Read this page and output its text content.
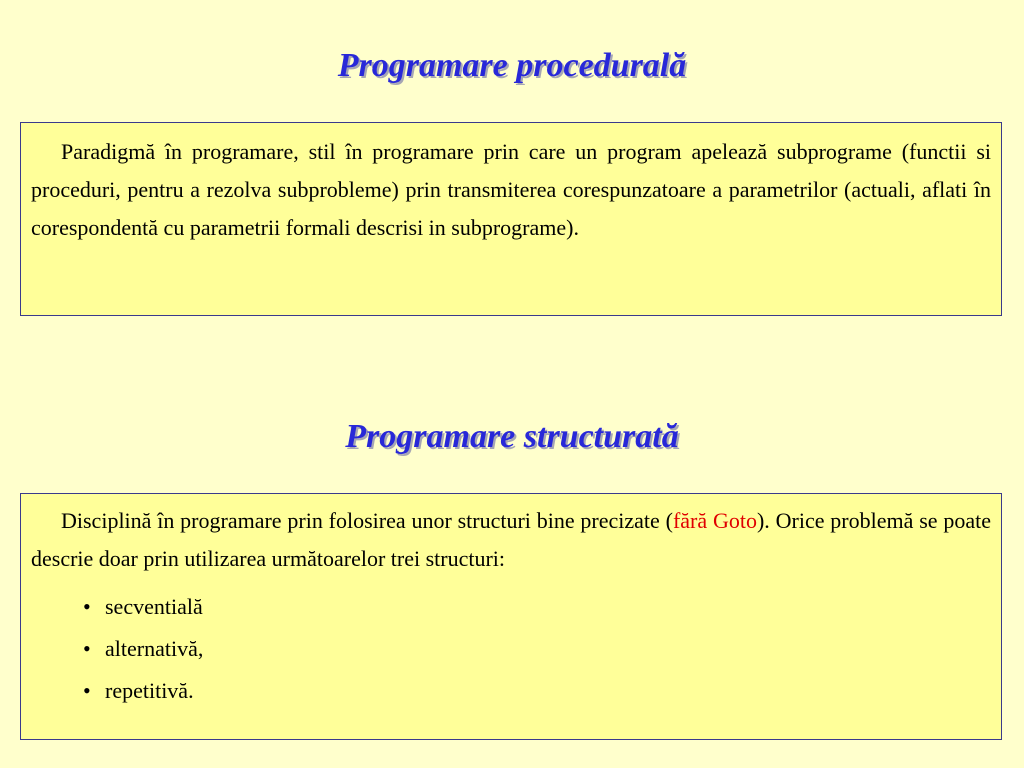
Programare procedurală

Paradigmă în programare, stil în programare prin care un program apelează subprograme (functii si proceduri, pentru a rezolva subprobleme) prin transmiterea corespunzatoare a parametrilor (actuali, aflati în corespondentă cu parametrii formali descrisi in subprograme).

Programare structurată

Disciplină în programare prin folosirea unor structuri bine precizate (fără Goto). Orice problemă se poate descrie doar prin utilizarea următoarelor trei structuri:

• secventială
• alternativă,
• repetitivă.
